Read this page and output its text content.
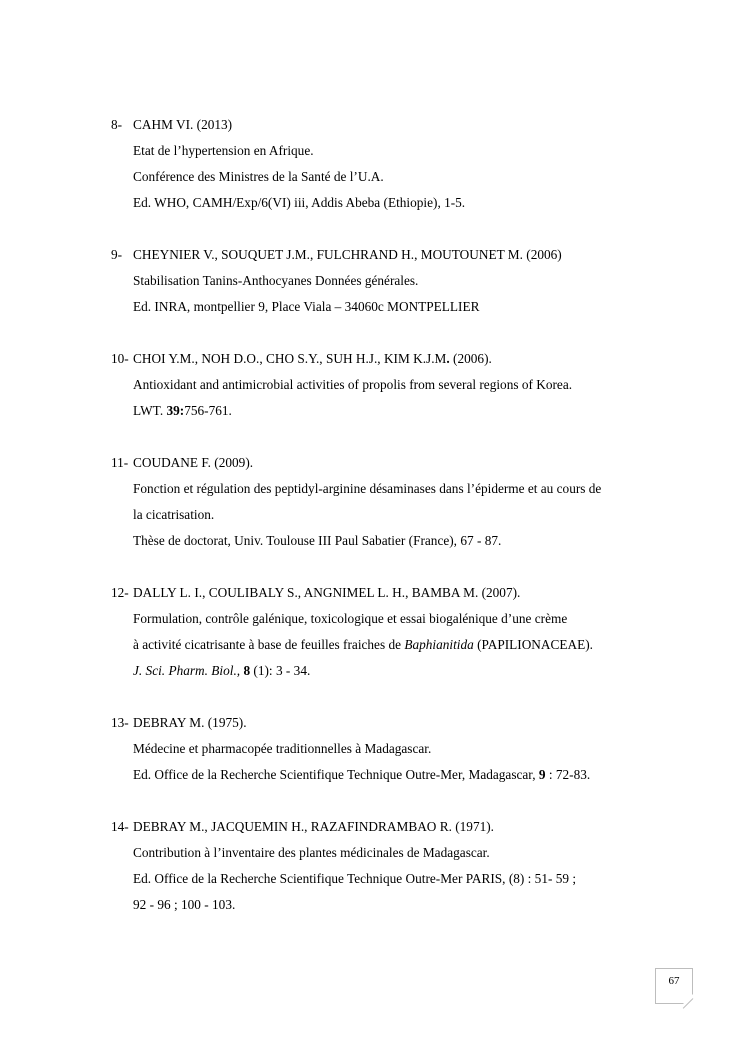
8- CAHM VI. (2013)
Etat de l’hypertension en Afrique.
Conférence des Ministres de la Santé de l’U.A.
Ed. WHO, CAMH/Exp/6(VI) iii, Addis Abeba (Ethiopie), 1-5.
9- CHEYNIER V., SOUQUET J.M., FULCHRAND H., MOUTOUNET M. (2006)
Stabilisation Tanins-Anthocyanes Données générales.
Ed. INRA, montpellier 9, Place Viala – 34060c MONTPELLIER
10- CHOI Y.M., NOH D.O., CHO S.Y., SUH H.J., KIM K.J.M. (2006).
Antioxidant and antimicrobial activities of propolis from several regions of Korea.
LWT. 39:756-761.
11- COUDANE F. (2009).
Fonction et régulation des peptidyl-arginine désaminases dans l’épiderme et au cours de
la cicatrisation.
Thèse de doctorat, Univ. Toulouse III Paul Sabatier (France), 67 - 87.
12- DALLY L. I., COULIBALY S., ANGNIMEL L. H., BAMBA M. (2007).
Formulation, contrôle galénique, toxicologique et essai biogalénique d’une crème
à activité cicatrisante à base de feuilles fraiches de Baphianitida (PAPILIONACEAE).
J. Sci. Pharm. Biol., 8 (1): 3 - 34.
13- DEBRAY M. (1975).
Médecine et pharmacopée traditionnelles à Madagascar.
Ed. Office de la Recherche Scientifique Technique Outre-Mer, Madagascar, 9 : 72-83.
14- DEBRAY M., JACQUEMIN H., RAZAFINDRAMBAO R. (1971).
Contribution à l’inventaire des plantes médicinales de Madagascar.
Ed. Office de la Recherche Scientifique Technique Outre-Mer PARIS, (8) : 51- 59 ;
92 - 96 ; 100 - 103.
67
